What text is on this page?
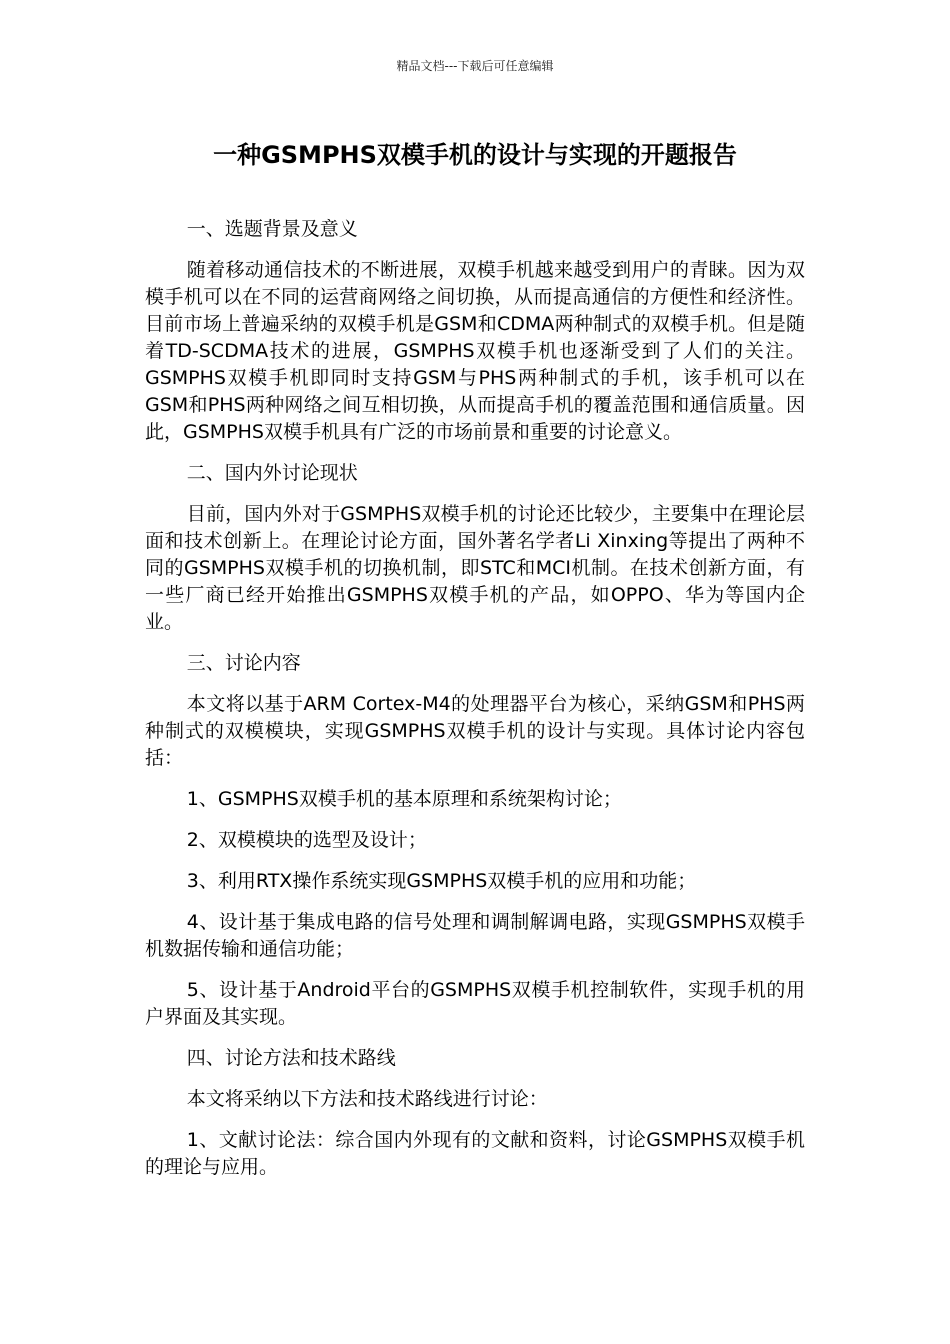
精品文档---下载后可任意编辑
一种GSMPHS双模手机的设计与实现的开题报告

一、选题背景及意义

随着移动通信技术的不断进展，双模手机越来越受到用户的青睐。因为双模手机可以在不同的运营商网络之间切换，从而提高通信的方便性和经济性。目前市场上普遍采纳的双模手机是GSM和CDMA两种制式的双模手机。但是随着TD-SCDMA技术的进展，GSMPHS双模手机也逐渐受到了人们的关注。GSMPHS双模手机即同时支持GSM与PHS两种制式的手机，该手机可以在GSM和PHS两种网络之间互相切换，从而提高手机的覆盖范围和通信质量。因此，GSMPHS双模手机具有广泛的市场前景和重要的讨论意义。

二、国内外讨论现状

目前，国内外对于GSMPHS双模手机的讨论还比较少，主要集中在理论层面和技术创新上。在理论讨论方面，国外著名学者Li Xinxing等提出了两种不同的GSMPHS双模手机的切换机制，即STC和MCI机制。在技术创新方面，有一些厂商已经开始推出GSMPHS双模手机的产品，如OPPO、华为等国内企业。

三、讨论内容

本文将以基于ARM Cortex-M4的处理器平台为核心，采纳GSM和PHS两种制式的双模模块，实现GSMPHS双模手机的设计与实现。具体讨论内容包括：

1、GSMPHS双模手机的基本原理和系统架构讨论；

2、双模模块的选型及设计；

3、利用RTX操作系统实现GSMPHS双模手机的应用和功能；

4、设计基于集成电路的信号处理和调制解调电路，实现GSMPHS双模手机数据传输和通信功能；

5、设计基于Android平台的GSMPHS双模手机控制软件，实现手机的用户界面及其实现。

四、讨论方法和技术路线

本文将采纳以下方法和技术路线进行讨论：

1、文献讨论法：综合国内外现有的文献和资料，讨论GSMPHS双模手机的理论与应用。
